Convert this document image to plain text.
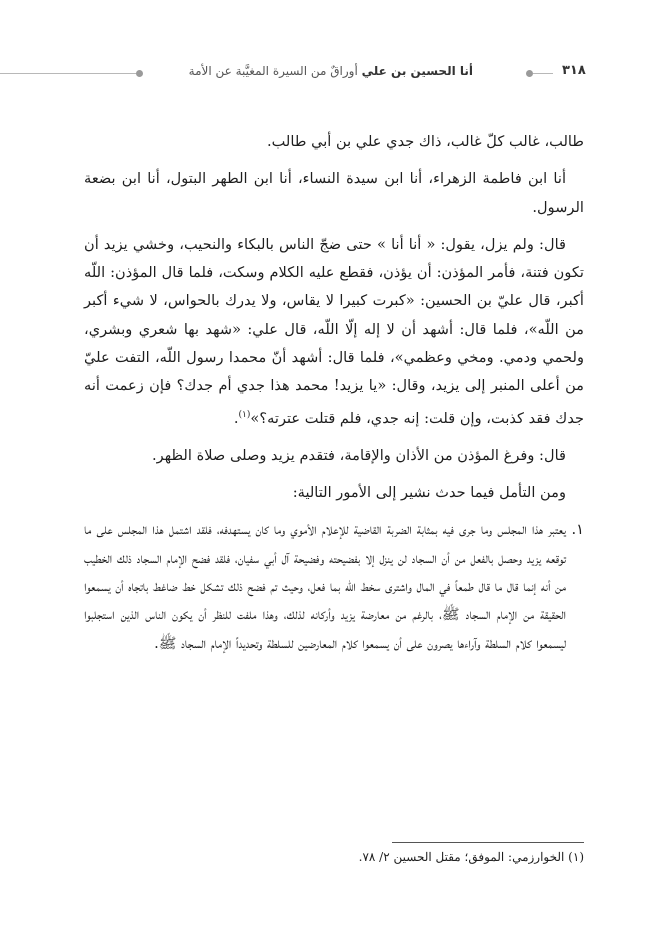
أنا الحسين بن علي أوراقٌ من السيرة المغيَّبة عن الأمة	٣١٨

طالب، غالب كلّ غالب، ذاك جدي علي بن أبي طالب.

أنا ابن فاطمة الزهراء، أنا ابن سيدة النساء، أنا ابن الطهر البتول، أنا ابن بضعة الرسول.

قال: ولم يزل، يقول: « أنا أنا » حتى ضجّ الناس بالبكاء والنحيب، وخشي يزيد أن تكون فتنة، فأمر المؤذن: أن يؤذن، فقطع عليه الكلام وسكت، فلما قال المؤذن: اللّه أكبر، قال عليّ بن الحسين: «كبرت كبيرا لا يقاس، ولا يدرك بالحواس، لا شيء أكبر من اللّه»، فلما قال: أشهد أن لا إله إلّا اللّه، قال علي: «شهد بها شعري وبشري، ولحمي ودمي. ومخي وعظمي»، فلما قال: أشهد أنّ محمدا رسول اللّه، التفت عليّ من أعلى المنبر إلى يزيد، وقال: «يا يزيد! محمد هذا جدي أم جدك؟ فإن زعمت أنه جدك فقد كذبت، وإن قلت: إنه جدي، فلم قتلت عترته؟»$^{(١)}$.

قال: وفرغ المؤذن من الأذان والإقامة، فتقدم يزيد وصلى صلاة الظهر.

ومن التأمل فيما حدث نشير إلى الأمور التالية:

١.
يعتبر هذا المجلس وما جرى فيه بمثابة الضربة القاضية للإعلام الأموي وما كان يستهدفه، فلقد اشتمل هذا المجلس على ما توقعه يزيد وحصل بالفعل من أن السجاد لن ينزل إلا بفضيحته وفضيحة آل أبي سفيان، فلقد فضح الإمام السجاد ذلك الخطيب من أنه إنما قال ما قال طمعاً في المال واشترى سخط الله بما فعل، وحيث تم فضح ذلك تشكل خط ضاغط باتجاه أن يسمعوا الحقيقة من الإمام السجاد ﷺ، بالرغم من معارضة يزيد وأركانه لذلك، وهذا ملفت للنظر أن يكون الناس الذين استجلبوا ليسمعوا كلام السلطة وآراءها يصرون على أن يسمعوا كلام المعارضين للسلطة وتحديداً الإمام السجاد ﷺ.
(١) الخوارزمي: الموفق؛ مقتل الحسين ٢/ ٧٨.
